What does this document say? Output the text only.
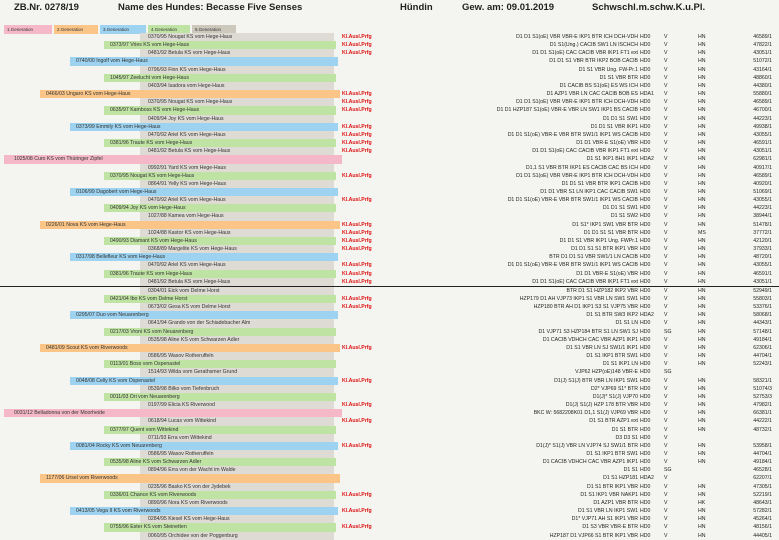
ZB.Nr. 0278/19	Name des Hundes: Becasse Five Senses	Hündin	Gew. am: 09.01.2019	Schwschl.m.schw.K.u.Pl.
1.Generation	2.Generation	3.Generation	4.Generation	5.Generation
0370/95 Nougat KS vom Hege-Haus	Kl.Ausl.Prfg	D1 D1 S1(oE) VBR VBR-E IKP1 BTR ICH DCH-VDH HD0	V	HN	46589/1
0373/97 Vries KS vom Hege-Haus	Kl.Ausl.Prfg	D1 S1(Ung.) CACIB SW1 LN ISCHCH HD0	V	HN	47822/1
0481/92 Betula KS vom Hege-Haus	Kl.Ausl.Prfg	D1 D1 S1(oE) CAC CACIB VBR IKP1 FT1 ext HD0	V	HN	43051/1
0740/00 Ingolf vom Hege-Haus	D1 D1 S1 VBR BTR IKP2 BOB CACIB HD0	V	HN	51072/1
0796/93 Finn KS vom Hege-Haus	D1 S1 VBR Ung. FW-Pr.1 HD0	V	HN	43164/1
1045/97 Zeelucht vom Hege-Haus	D1 S1 VBR BTR HD0	V	HN	48860/1
0403/94 Isadora vom Hege-Haus	D1 CACIB BS S1(oE) ES WS ICH HD0	V	HN	44380/1
0466/03 Ungaro KS vom Hege-Haus	Kl.Ausl.Prfg	D1 AZP1 VBR LN CAC CACIB BOB ES HDA1 V	HN	55880/1
0370/95 Nougat KS vom Hege-Haus	Kl.Ausl.Prfg	D1 D1 S1(oE) VBR VBR-E IKP1 BTR ICH DCH-VDH HD0	V	HN	46589/1
0635/97 Kamboss KS vom Hege-Haus	Kl.Ausl.Prfg	D1 D1 HZP187 S1(oE) VBR-E VBR LN SW1 IKP1 BS CACIB HD0	V	HN	46700/1
0409/94 Joy KS vom Hege-Haus	D1 D1 S1 SW1 HD0	V	HN	44223/1
0373/99 Emmily KS vom Hege-Haus	Kl.Ausl.Prfg	D1 D1 S1 VBR IKP1 HD0	V	HN	49938/1
0470/92 Ariel KS vom Hege-Haus	Kl.Ausl.Prfg	D1 D1 S1(oE) VBR-E VBR BTR SW1/1 IKP1 WS CACIB HD0	V	HN	43055/1
0381/96 Traute KS vom Hege-Haus	Kl.Ausl.Prfg	D1 D1 VBR-E S1(oE) VBR HD0	V	HN	46591/1
0481/92 Betula KS vom Hege-Haus	Kl.Ausl.Prfg	D1 D1 S1(oE) CAC CACIB VBR IKP1 FT1 ext HD0	V	HN	43051/1
1025/08 Curo KS vom Thüringer Zipfel	D1 S1 IKP1 BH1 IKP1 HDA2 V	HN	62981/1
0992/91 Yard KS vom Hege-Haus	D1,1 S1 VBR BTR IKP1 ES CACIB CAC BS ICH HD0	V	HN	40917/1
0370/95 Nougat KS vom Hege-Haus	Kl.Ausl.Prfg	D1 D1 S1(oE) VBR VBR-E IKP1 BTR ICH DCH-VDH HD0	V	HN	46589/1
0864/91 Yelly KS vom Hege-Haus	D1 D1 S1 VBR BTR IKP1 CACIB HD0	V	HN	40920/1
0106/99 Dagobert vom Hege-Haus	D1 D1 VBR S1 LN IKP1 CAC CACIB SW1 HD0	V	HN	51069/1
0470/92 Ariel KS vom Hege-Haus	Kl.Ausl.Prfg	D1 D1 S1(oE) VBR-E VBR BTR SW1/1 IKP1 WS CACIB HD0	V	HN	43055/1
0409/94 Joy KS vom Hege-Haus	D1 D1 S1 SW1 HD0	V	HN	44223/1
1027/88 Kamea vom Hege-Haus	D1 S1 SW2 HD0	V	HN	38944/1
0226/01 Nova KS vom Hege-Haus	Kl.Ausl.Prfg	D1 S1* IKP1 SW1 VBR BTR HD0	V	HN	51478/1
1024/88 Kastor KS vom Hege-Haus	Kl.Ausl.Prfg	D1 D1 S1 S1 VBR BTR HD0	V	MS	37772/1
0490/93 Diamant KS vom Hege-Haus	Kl.Ausl.Prfg	D1 D1 S1 VBR IKP1 Ung. FWPr.1 HD0	V	HN	42120/1
0368/89 Margelite KS vom Hege-Haus	Kl.Ausl.Prfg	D1 D1 S1 S1 BTR IKP1 VBR HD0	V	HN	37933/1
0317/98 Bellefleur KS vom Hege-Haus	BTR D1 D1 S1 VBR SW1/1 LN CACIB HD0	V	HN	48720/1
0470/92 Ariel KS vom Hege-Haus	Kl.Ausl.Prfg	D1 D1 S1(oE) VBR-E VBR BTR SW1/1 IKP1 WS CACIB HD0	V	HN	43055/1
0381/96 Traute KS vom Hege-Haus	Kl.Ausl.Prfg	D1 D1 VBR-E S1(oE) VBR HD0	V	HN	46591/1
0481/92 Betula KS vom Hege-Haus	Kl.Ausl.Prfg	D1 D1 S1(oE) CAC CACIB VBR IKP1 FT1 ext HD0	V	HN	43051/1
0304/01 Eick vom Delme Horst	BTR D1 S1 HZP182 IKP2 VBR HD0	V	HN	52949/1
0421/04 Ibo KS vom Delme Horst	Kl.Ausl.Prfg	HZP179 D1 AH VJP73 IKP1 S1 VBR LN SW1 SW1 HD0	V	HN	55803/1
0673/02 Gesa KS vom Delme Horst	Kl.Ausl.Prfg	HZP180 BTR AH D1 IKP1 S3 S1 VJP75 VBR HD0	V	HN	53376/1
0295/07 Duo vom Neuarenberg	D1 S1 BTR SW3 IKP2 HDA2 V	HN	58068/1
0641/94 Grando von der Schiadebacher Alm	D1 S1 LN HD0	V	HN	44343/1
0217/03 Vroni KS vom Neuarenberg	D1 VJP71 S3 HZP184 BTR S1 LN SW1 SJ HD0	SG	HN	57148/1
0535/98 Aline KS vom Schwarzen Adler	D1 CACIB VDHCH CAC VBR AZP1 IKP1 HD0	V	HN	49184/1
0481/09 Scout KS vom Riverwoods	Kl.Ausl.Prfg	D1 S1 VBR LN SJ SW1/1 IKP1 HD0	V	HN	62306/1
0586/95 Wasov Rotheruffeln	D1 S1 IKP1 BTR SW1 HD0	V	HN	44704/1
0113/01 Boss vom Ospenastel	D1 S1 IKP1 LN HD0	V	HN	52243/1
1514/93 Wilda vom Gerathsmer Grund	VJP62 HZP(oE)148 VBR-E HD0	SG
0048/08 Celly KS vom Ospenastel	Kl.Ausl.Prfg	D1(J) S1(J) BTR VBR LN IKP1 SW1 HD0	V	HN	58321/1
0539/98 Bilko vom Tiefenbruch	D2* VJP69 S1* BTR HD0	V	HN	51074/3
0011/03 Ori vom Neuarenberg	D1(J)* S1(J) VJP70 HD0	V	HN	52753/3
0197/99 Elicia KS Riverwood	Kl.Ausl.Prfg	D1(J) S1(J) HZP 178 BTR VBR HD0	V	HN	47982/1
0031/12 Belladonna von der Moorheide	BKC W: 5682208K01 D1,1 S1(J) VJP69 VBR HD0	V	HN	66381/1
0618/94 Lucas vom Wittekind	Kl.Ausl.Prfg	D1 S1 BTR AZP1 ext HD0	V	HN	44222/1
0377/97 Quent vom Wittekind	D1 S1 BTR HD0	V	HN	48732/1
0711/93 Erra vom Wittekind	D3 D3 S1 HD0	V
0081/04 Rocky KS vom Neuarenberg	Kl.Ausl.Prfg	D1(J)* S1(J) VBR LN VJP74 SJ SW1/1 BTR HD0	V	HN	53958/1
0586/95 Wasov Rotheruffeln	D1 S1 IKP1 BTR SW1 HD0	V	HN	44704/1
0535/98 Aline KS vom Schwarzen Adler	D1 CACIB VDHCH CAC VBR AZP1 IKP1 HD0	V	HN	49184/1
0894/96 Erra von der Wacht im Walde	D1 S1 HD0	SG	46528/1
1177/06 Ursel vom Riverwoods	D1 S1 HZP181 HDA2 V	62207/1
0235/96 Basko KS von der Jydebek	D1 S1 BTR IKP1 VBR HD0	V	HN	47305/1
0336/01 Chance KS vom Riverwoods	Kl.Ausl.Prfg	D1 S1 IKP1 VBR NAKP1 HD0	V	HN	52219/1
0890/96 Nora KS vom Riverwoods	D1 AZP1 VBR BTR HD0	V	HK	48643/1
0413/05 Vega II KS vom Riverwoods	Kl.Ausl.Prfg	D1 S1 VBR LN IKP1 SW1 HD0	V	HN	57282/1
0284/95 Kiesel KS vom Hege-Haus	D1* VJP71 AH S1 IKP1 VBR HD0	V	HN	45264/1
0755/96 Ester KS vom Steinetten	Kl.Ausl.Prfg	D1 S3 VBR VBR-E BTR HD0	V	HN	48156/1
0060/95 Orchidee von der Poggenburg	HZP187 D1 VJP66 S1 BTR IKP1 VBR HD0	V	HN	44405/1
